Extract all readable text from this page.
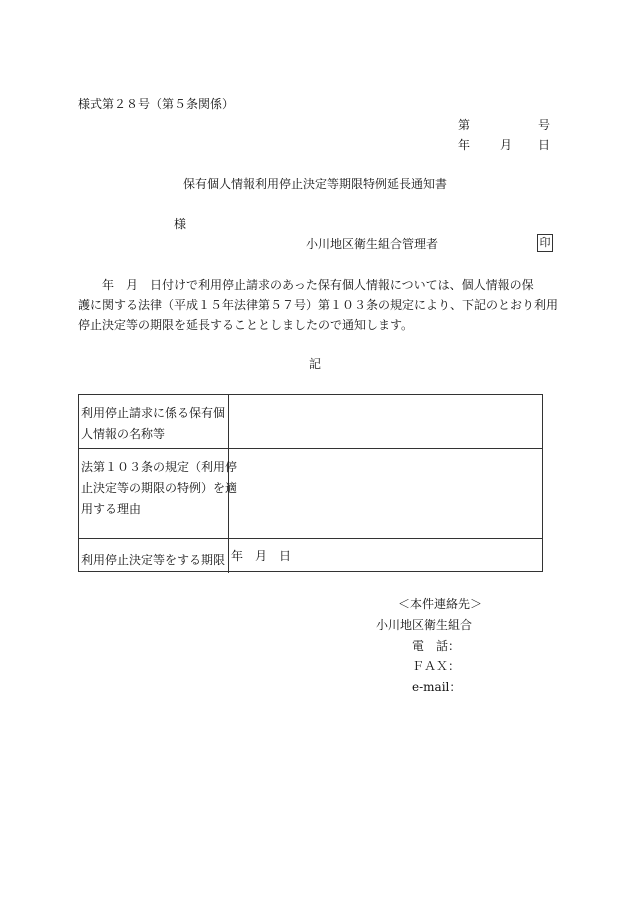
様式第２８号（第５条関係）
第	号
年 月 日
保有個人情報利用停止決定等期限特例延長通知書
様
小川地区衛生組合管理者	印
　　年　月　日付けで利用停止請求のあった保有個人情報については、個人情報の保
護に関する法律（平成１５年法律第５７号）第１０３条の規定により、下記のとおり利用
停止決定等の期限を延長することとしましたので通知します。
記
利用停止請求に係る保有個
人情報の名称等
法第１０３条の規定（利用停
止決定等の期限の特例）を適
用する理由
利用停止決定等をする期限 年　月　日
＜本件連絡先＞
小川地区衛生組合
電　話：
ＦＡＸ：
e-mail：
